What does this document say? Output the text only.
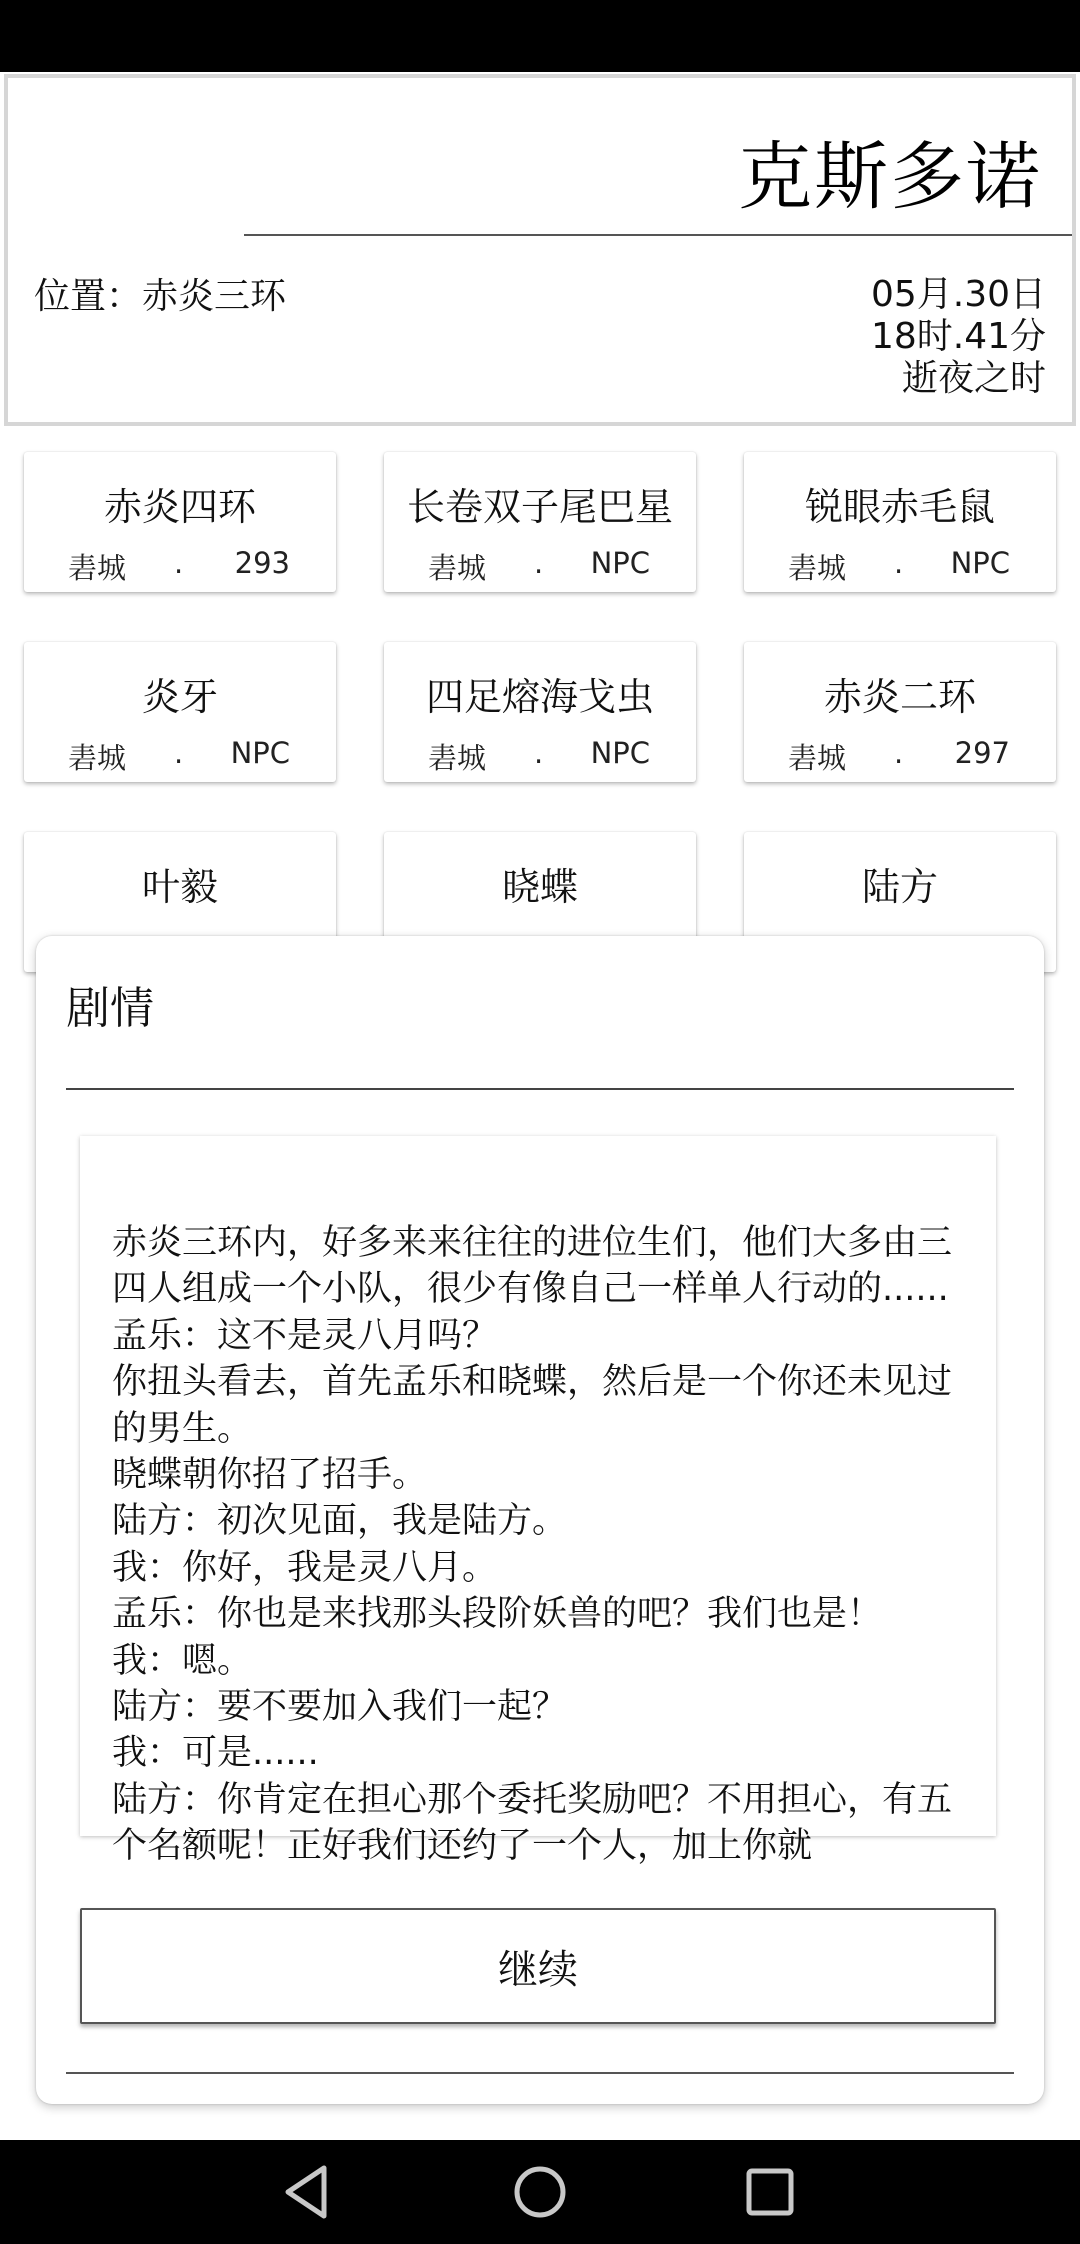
克斯多诺
位置：赤炎三环	05月.30日
18时.41分
逝夜之时
赤炎四环
砉城 . 293
长卷双子尾巴星
砉城 . NPC
锐眼赤毛鼠
砉城 . NPC
炎牙
砉城 . NPC
四足熔海戈虫
砉城 . NPC
赤炎二环
砉城 . 297
叶毅	晓蝶	陆方
剧情
赤炎三环内，好多来来往往的进位生们，他们大多由三四人组成一个小队，很少有像自己一样单人行动的......
孟乐：这不是灵八月吗？
你扭头看去，首先孟乐和晓蝶，然后是一个你还未见过的男生。
晓蝶朝你招了招手。
陆方：初次见面，我是陆方。
我：你好，我是灵八月。
孟乐：你也是来找那头段阶妖兽的吧？我们也是！
我：嗯。
陆方：要不要加入我们一起？
我：可是......
陆方：你肯定在担心那个委托奖励吧？不用担心，有五个名额呢！正好我们还约了一个人，加上你就
继续
